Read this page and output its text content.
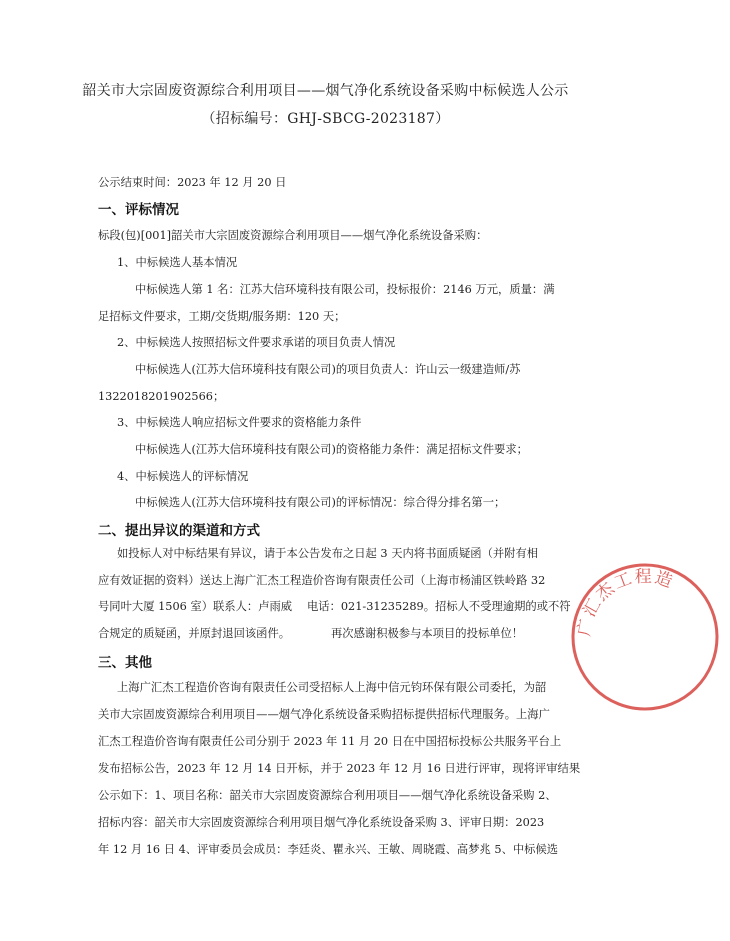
韶关市大宗固废资源综合利用项目——烟气净化系统设备采购中标候选人公示
（招标编号：GHJ-SBCG-2023187）
公示结束时间：2023 年 12 月 20 日
一、评标情况
标段(包)[001]韶关市大宗固废资源综合利用项目——烟气净化系统设备采购：
1、中标候选人基本情况
中标候选人第 1 名：江苏大信环境科技有限公司，投标报价：2146 万元，质量：满
足招标文件要求，工期/交货期/服务期：120 天；
2、中标候选人按照招标文件要求承诺的项目负责人情况
中标候选人(江苏大信环境科技有限公司)的项目负责人：许山云一级建造师/苏
1322018201902566；
3、中标候选人响应招标文件要求的资格能力条件
中标候选人(江苏大信环境科技有限公司)的资格能力条件：满足招标文件要求；
4、中标候选人的评标情况
中标候选人(江苏大信环境科技有限公司)的评标情况：综合得分排名第一；
二、提出异议的渠道和方式
如投标人对中标结果有异议，请于本公告发布之日起 3 天内将书面质疑函（并附有相
应有效证据的资料）送达上海广汇杰工程造价咨询有限责任公司（上海市杨浦区铁岭路 32
号同叶大厦 1506 室）联系人：卢雨威　 电话：021-31235289。招标人不受理逾期的或不符
合规定的质疑函，并原封退回该函件。	再次感谢积极参与本项目的投标单位！
三、其他
上海广汇杰工程造价咨询有限责任公司受招标人上海中信元钧环保有限公司委托，为韶
关市大宗固废资源综合利用项目——烟气净化系统设备采购招标提供招标代理服务。上海广
汇杰工程造价咨询有限责任公司分别于 2023 年 11 月 20 日在中国招标投标公共服务平台上
发布招标公告，2023 年 12 月 14 日开标，并于 2023 年 12 月 16 日进行评审，现将评审结果
公示如下：1、项目名称：韶关市大宗固废资源综合利用项目——烟气净化系统设备采购 2、
招标内容：韶关市大宗固废资源综合利用项目烟气净化系统设备采购 3、评审日期：2023
年 12 月 16 日 4、评审委员会成员：李廷炎、瞿永兴、王敏、周晓霞、高梦兆 5、中标候选
广汇杰工程造
